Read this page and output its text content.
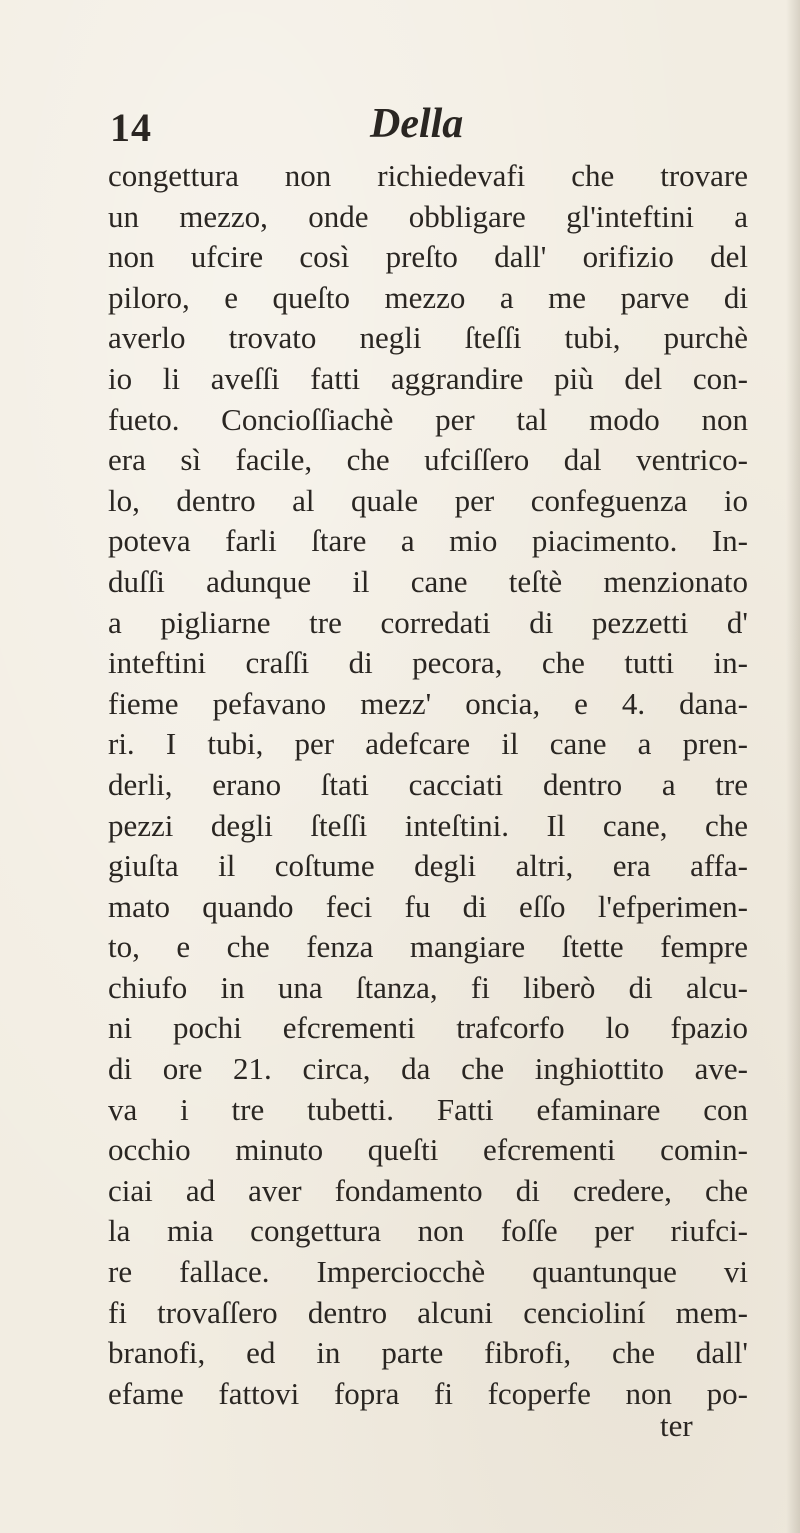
14	Della
congettura non richiedevafi che trovare
un mezzo, onde obbligare gl'inteftini a
non ufcire così preſto dall' orifizio del
piloro, e queſto mezzo a me parve di
averlo trovato negli ſteſſi tubi, purchè
io li aveſſi fatti aggrandire più del con-
fueto. Concioſſiachè per tal modo non
era sì facile, che ufciſſero dal ventrico-
lo, dentro al quale per confeguenza io
poteva farli ſtare a mio piacimento. In-
duſſi adunque il cane teſtè menzionato
a pigliarne tre corredati di pezzetti d'
inteftini craſſi di pecora, che tutti in-
fieme pefavano mezz' oncia, e 4. dana-
ri. I tubi, per adefcare il cane a pren-
derli, erano ſtati cacciati dentro a tre
pezzi degli ſteſſi inteſtini. Il cane, che
giuſta il coſtume degli altri, era affa-
mato quando feci fu di eſſo l'efperimen-
to, e che fenza mangiare ſtette fempre
chiufo in una ſtanza, fi liberò di alcu-
ni pochi efcrementi trafcorfo lo fpazio
di ore 21. circa, da che inghiottito ave-
va i tre tubetti. Fatti efaminare con
occhio minuto queſti efcrementi comin-
ciai ad aver fondamento di credere, che
la mia congettura non foſſe per riufci-
re fallace. Imperciocchè quantunque vi
fi trovaſſero dentro alcuni cencioliní mem-
branofi, ed in parte fibrofi, che dall'
efame fattovi fopra fi fcoperfe non po-
ter
